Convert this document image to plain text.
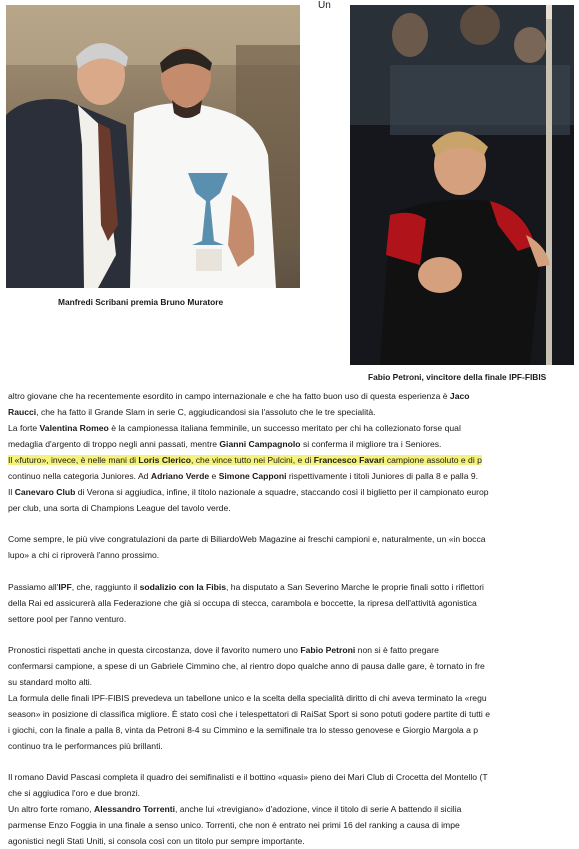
Un
Manfredi Scribani premia Bruno Muratore
Fabio Petroni, vincitore della finale IPF-FIBIS
altro giovane che ha recentemente esordito in campo internazionale e che ha fatto buon uso di questa esperienza è Jaco
Raucci, che ha fatto il Grande Slam in serie C, aggiudicandosi sia l'assoluto che le tre specialità.
La forte Valentina Romeo è la campionessa italiana femminile, un successo meritato per chi ha collezionato forse qual
medaglia d'argento di troppo negli anni passati, mentre Gianni Campagnolo si conferma il migliore tra i Seniores.
Il «futuro», invece, è nelle mani di Loris Clerico, che vince tutto nei Pulcini, e di Francesco Favari campione assoluto e di p
continuo nella categoria Juniores. Ad Adriano Verde e Simone Capponi rispettivamente i titoli Juniores di palla 8 e palla 9.
Il Canevaro Club di Verona si aggiudica, infine, il titolo nazionale a squadre, staccando così il biglietto per il campionato europ
per club, una sorta di Champions League del tavolo verde.
Come sempre, le più vive congratulazioni da parte di BiliardoWeb Magazine ai freschi campioni e, naturalmente, un «in bocca
lupo» a chi ci riproverà l'anno prossimo.
Passiamo all'IPF, che, raggiunto il sodalizio con la Fibis, ha disputato a San Severino Marche le proprie finali sotto i riflettori
della Rai ed assicurerà alla Federazione che già si occupa di stecca, carambola e boccette, la ripresa dell'attività agonistica
settore pool per l'anno venturo.
Pronostici rispettati anche in questa circostanza, dove il favorito numero uno Fabio Petroni non si è fatto pregare
confermarsi campione, a spese di un Gabriele Cimmino che, al rientro dopo qualche anno di pausa dalle gare, è tornato in fre
su standard molto alti.
La formula delle finali IPF-FIBIS prevedeva un tabellone unico e la scelta della specialità diritto di chi aveva terminato la «regu
season» in posizione di classifica migliore. È stato così che i telespettatori di RaiSat Sport si sono potuti godere partite di tutti e
i giochi, con la finale a palla 8, vinta da Petroni 8-4 su Cimmino e la semifinale tra lo stesso genovese e Giorgio Margola a p
continuo tra le performances più brillanti.
Il romano David Pascasi completa il quadro dei semifinalisti e il bottino «quasi» pieno dei Mari Club di Crocetta del Montello (T
che si aggiudica l'oro e due bronzi.
Un altro forte romano, Alessandro Torrenti, anche lui «trevigiano» d'adozione, vince il titolo di serie A battendo il sicilia
parmense Enzo Foggia in una finale a senso unico. Torrenti, che non è entrato nei primi 16 del ranking a causa di impe
agonistici negli Stati Uniti, si consola così con un titolo pur sempre importante.
